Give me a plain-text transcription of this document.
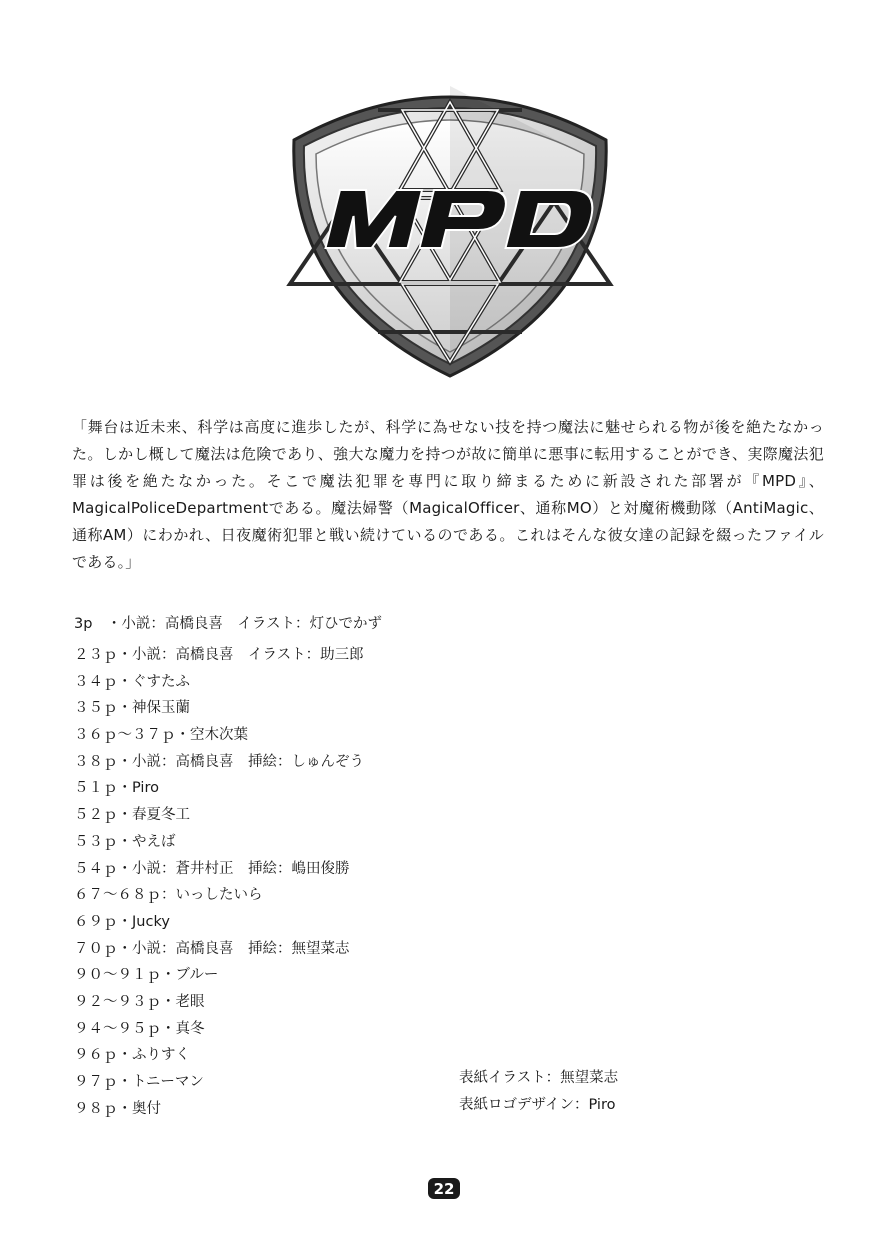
「舞台は近未来、科学は高度に進歩したが、科学に為せない技を持つ魔法に魅せられる物が後を絶たなかった。しかし概して魔法は危険であり、強大な魔力を持つが故に簡単に悪事に転用することができ、実際魔法犯罪は後を絶たなかった。そこで魔法犯罪を専門に取り締まるために新設された部署が『MPD』、MagicalPoliceDepartmentである。魔法婦警（MagicalOfficer、通称MO）と対魔術機動隊（AntiMagic、通称AM）にわかれ、日夜魔術犯罪と戦い続けているのである。これはそんな彼女達の記録を綴ったファイルである。」

3p　・小説：高橋良喜　イラスト：灯ひでかず
２３ｐ・小説：高橋良喜　イラスト：助三郎
３４ｐ・ぐすたふ
３５ｐ・神保玉蘭
３６ｐ～３７ｐ・空木次葉
３８ｐ・小説：高橋良喜　挿絵：しゅんぞう
５１ｐ・Piro
５２ｐ・春夏冬工
５３ｐ・やえば
５４ｐ・小説：蒼井村正　挿絵：嶋田俊勝
６７～６８ｐ：いっしたいら
６９ｐ・Jucky
７０ｐ・小説：高橋良喜　挿絵：無望菜志
９０～９１ｐ・ブルー
９２～９３ｐ・老眼
９４～９５ｐ・真冬
９６ｐ・ふりすく
９７ｐ・トニーマン
９８ｐ・奥付
表紙イラスト：無望菜志
表紙ロゴデザイン：Piro
22
